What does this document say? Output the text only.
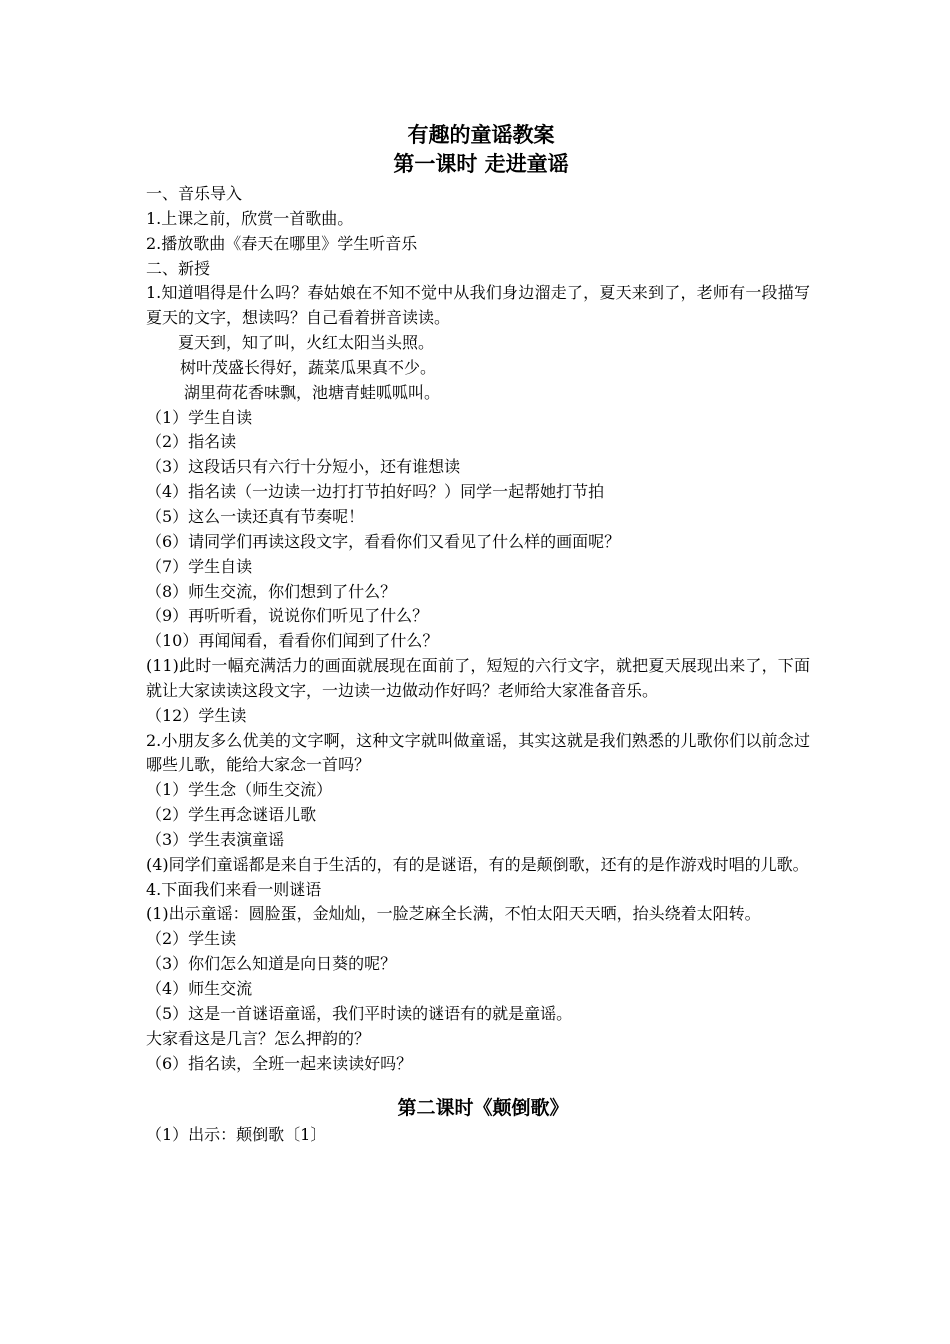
有趣的童谣教案
第一课时 走进童谣

一、音乐导入

1.上课之前，欣赏一首歌曲。

2.播放歌曲《春天在哪里》学生听音乐

二、新授

1.知道唱得是什么吗？春姑娘在不知不觉中从我们身边溜走了，夏天来到了，老师有一段描写夏天的文字，想读吗？自己看着拼音读读。

夏天到，知了叫，火红太阳当头照。

树叶茂盛长得好，蔬菜瓜果真不少。

湖里荷花香味飘，池塘青蛙呱呱叫。

（1）学生自读

（2）指名读

（3）这段话只有六行十分短小，还有谁想读

（4）指名读（一边读一边打打节拍好吗？）同学一起帮她打节拍

（5）这么一读还真有节奏呢！

（6）请同学们再读这段文字，看看你们又看见了什么样的画面呢？

（7）学生自读

（8）师生交流，你们想到了什么？

（9）再听听看，说说你们听见了什么？

（10）再闻闻看，看看你们闻到了什么？

(11)此时一幅充满活力的画面就展现在面前了，短短的六行文字，就把夏天展现出来了，下面就让大家读读这段文字，一边读一边做动作好吗？老师给大家准备音乐。

（12）学生读

2.小朋友多么优美的文字啊，这种文字就叫做童谣，其实这就是我们熟悉的儿歌你们以前念过哪些儿歌，能给大家念一首吗？

（1）学生念（师生交流）

（2）学生再念谜语儿歌

（3）学生表演童谣

(4)同学们童谣都是来自于生活的，有的是谜语，有的是颠倒歌，还有的是作游戏时唱的儿歌。

4.下面我们来看一则谜语

(1)出示童谣：圆脸蛋，金灿灿，一脸芝麻全长满，不怕太阳天天晒，抬头绕着太阳转。

（2）学生读

（3）你们怎么知道是向日葵的呢？

（4）师生交流

（5）这是一首谜语童谣，我们平时读的谜语有的就是童谣。

大家看这是几言？怎么押韵的？

（6）指名读，全班一起来读读好吗？

第二课时《颠倒歌》

（1）出示：颠倒歌〔1〕
